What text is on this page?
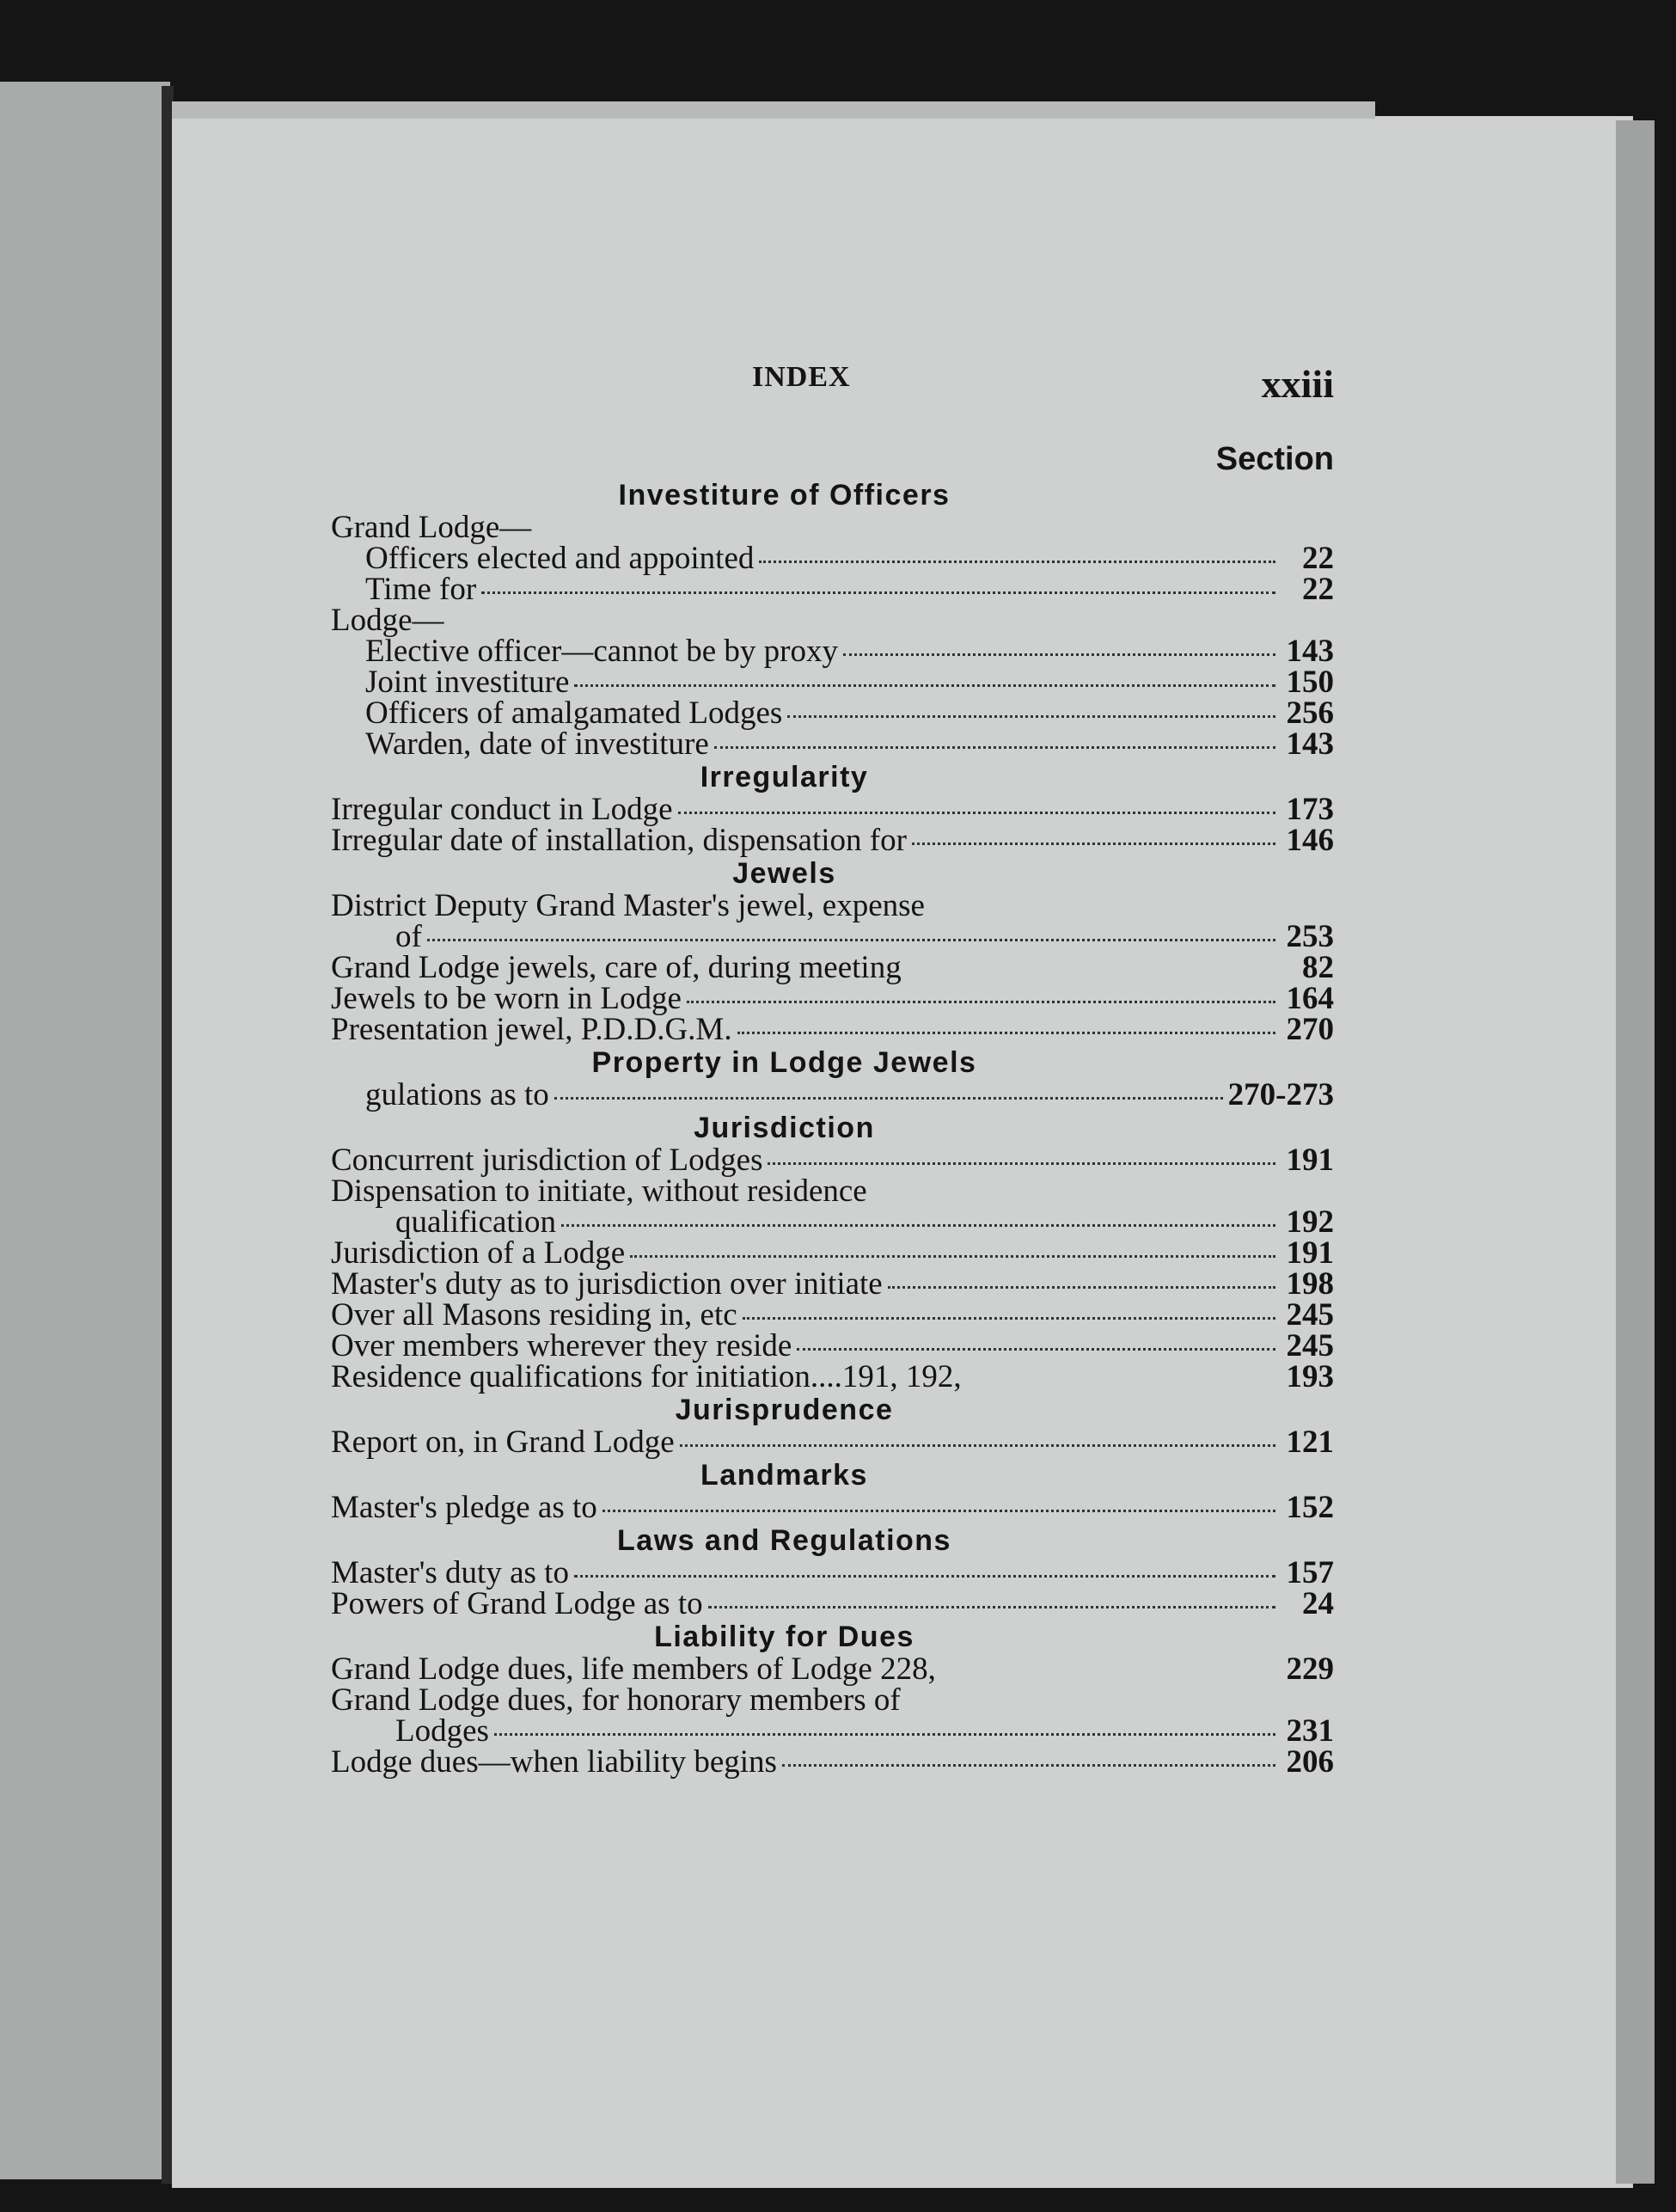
INDEX	xxiii
Section
Investiture of Officers
Grand Lodge—
Officers elected and appointed	22
Time for	22
Lodge—
Elective officer—cannot be by proxy	143
Joint investiture	150
Officers of amalgamated Lodges	256
Warden, date of investiture	143
Irregularity
Irregular conduct in Lodge	173
Irregular date of installation, dispensation for	146
Jewels
District Deputy Grand Master's jewel, expense
of	253
Grand Lodge jewels, care of, during meeting	82
Jewels to be worn in Lodge	164
Presentation jewel, P.D.D.G.M.	270
Property in Lodge Jewels
gulations as to	270-273
Jurisdiction
Concurrent jurisdiction of Lodges	191
Dispensation to initiate, without residence
qualification	192
Jurisdiction of a Lodge	191
Master's duty as to jurisdiction over initiate	198
Over all Masons residing in, etc	245
Over members wherever they reside	245
Residence qualifications for initiation....191, 192,	193
Jurisprudence
Report on, in Grand Lodge	121
Landmarks
Master's pledge as to	152
Laws and Regulations
Master's duty as to	157
Powers of Grand Lodge as to	24
Liability for Dues
Grand Lodge dues, life members of Lodge 228,	229
Grand Lodge dues, for honorary members of
Lodges	231
Lodge dues—when liability begins	206
